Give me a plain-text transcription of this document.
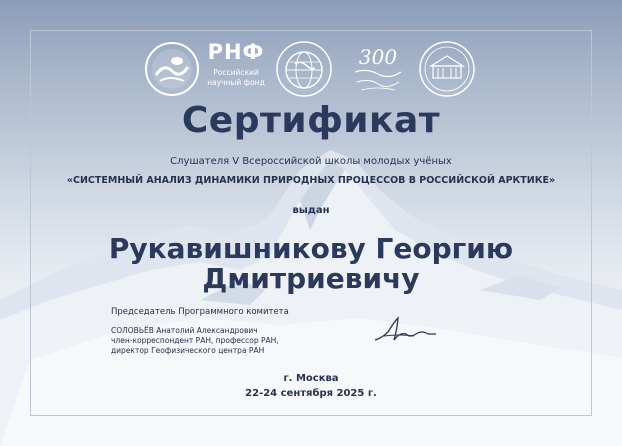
РНФ
Российский
научный фонд
300
Сертификат
Слушателя V Всероссийской школы молодых учёных
«СИСТЕМНЫЙ АНАЛИЗ ДИНАМИКИ ПРИРОДНЫХ ПРОЦЕССОВ В РОССИЙСКОЙ АРКТИКЕ»
выдан
Рукавишникову Георгию
Дмитриевичу
Председатель Программного комитета
СОЛОВЬЁВ Анатолий Александрович
член-корреспондент РАН, профессор РАН,
директор Геофизического центра РАН
г. Москва
22-24 сентября 2025 г.
